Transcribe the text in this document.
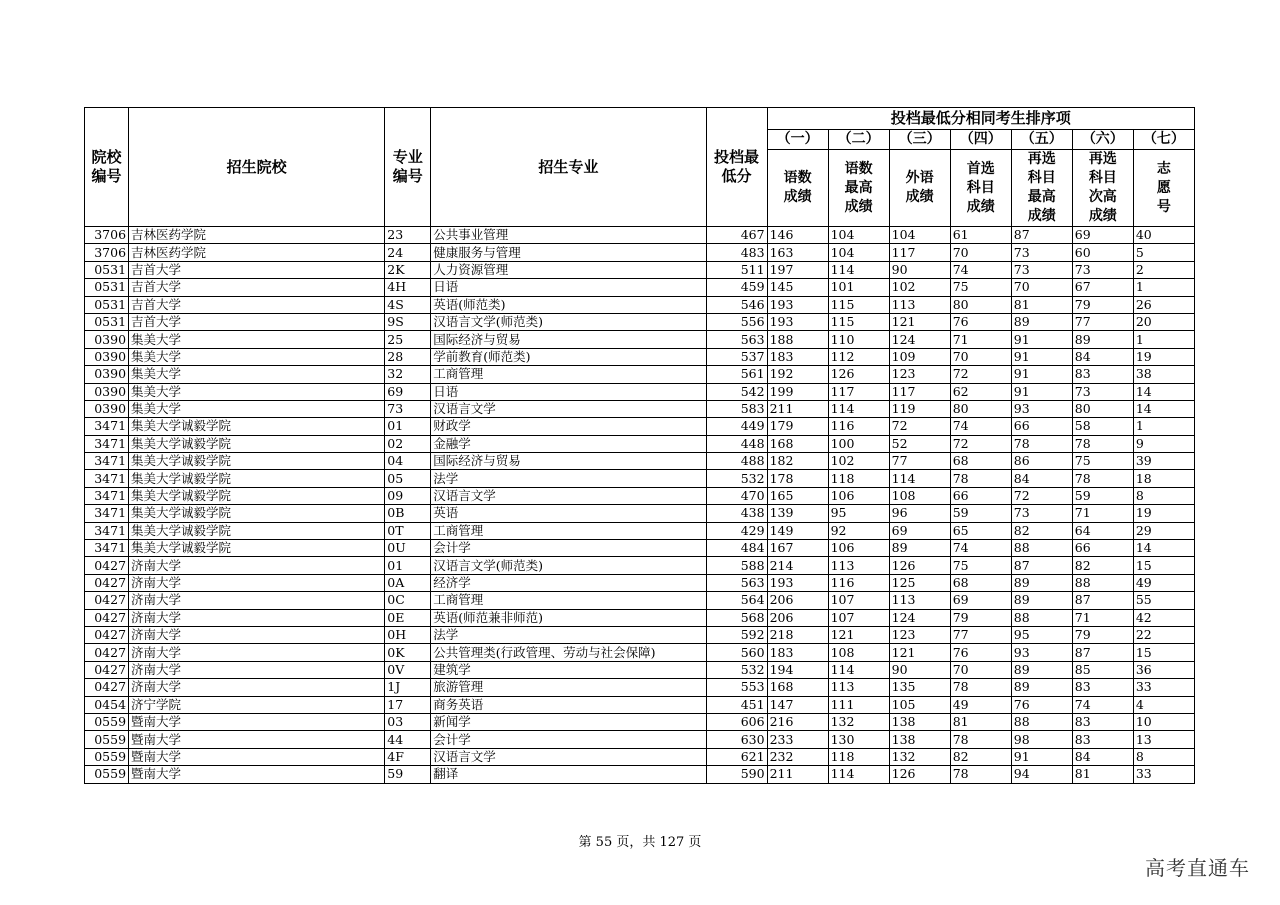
院校编号	招生院校	专业编号	招生专业	投档最低分	投档最低分相同考生排序项						
					（一）	（二）	（三）	（四）	（五）	（六）	（七）
					语数成绩	语数最高成绩	外语成绩	首选科目成绩	再选科目最高成绩	再选科目次高成绩	志愿号
3706	吉林医药学院	23	公共事业管理	467	146	104	104	61	87	69	40
3706	吉林医药学院	24	健康服务与管理	483	163	104	117	70	73	60	5
0531	吉首大学	2K	人力资源管理	511	197	114	90	74	73	73	2
0531	吉首大学	4H	日语	459	145	101	102	75	70	67	1
0531	吉首大学	4S	英语(师范类)	546	193	115	113	80	81	79	26
0531	吉首大学	9S	汉语言文学(师范类)	556	193	115	121	76	89	77	20
0390	集美大学	25	国际经济与贸易	563	188	110	124	71	91	89	1
0390	集美大学	28	学前教育(师范类)	537	183	112	109	70	91	84	19
0390	集美大学	32	工商管理	561	192	126	123	72	91	83	38
0390	集美大学	69	日语	542	199	117	117	62	91	73	14
0390	集美大学	73	汉语言文学	583	211	114	119	80	93	80	14
3471	集美大学诚毅学院	01	财政学	449	179	116	72	74	66	58	1
3471	集美大学诚毅学院	02	金融学	448	168	100	52	72	78	78	9
3471	集美大学诚毅学院	04	国际经济与贸易	488	182	102	77	68	86	75	39
3471	集美大学诚毅学院	05	法学	532	178	118	114	78	84	78	18
3471	集美大学诚毅学院	09	汉语言文学	470	165	106	108	66	72	59	8
3471	集美大学诚毅学院	0B	英语	438	139	95	96	59	73	71	19
3471	集美大学诚毅学院	0T	工商管理	429	149	92	69	65	82	64	29
3471	集美大学诚毅学院	0U	会计学	484	167	106	89	74	88	66	14
0427	济南大学	01	汉语言文学(师范类)	588	214	113	126	75	87	82	15
0427	济南大学	0A	经济学	563	193	116	125	68	89	88	49
0427	济南大学	0C	工商管理	564	206	107	113	69	89	87	55
0427	济南大学	0E	英语(师范兼非师范)	568	206	107	124	79	88	71	42
0427	济南大学	0H	法学	592	218	121	123	77	95	79	22
0427	济南大学	0K	公共管理类(行政管理、劳动与社会保障)	560	183	108	121	76	93	87	15
0427	济南大学	0V	建筑学	532	194	114	90	70	89	85	36
0427	济南大学	1J	旅游管理	553	168	113	135	78	89	83	33
0454	济宁学院	17	商务英语	451	147	111	105	49	76	74	4
0559	暨南大学	03	新闻学	606	216	132	138	81	88	83	10
0559	暨南大学	44	会计学	630	233	130	138	78	98	83	13
0559	暨南大学	4F	汉语言文学	621	232	118	132	82	91	84	8
0559	暨南大学	59	翻译	590	211	114	126	78	94	81	33
第 55 页，共 127 页
高考直通车
